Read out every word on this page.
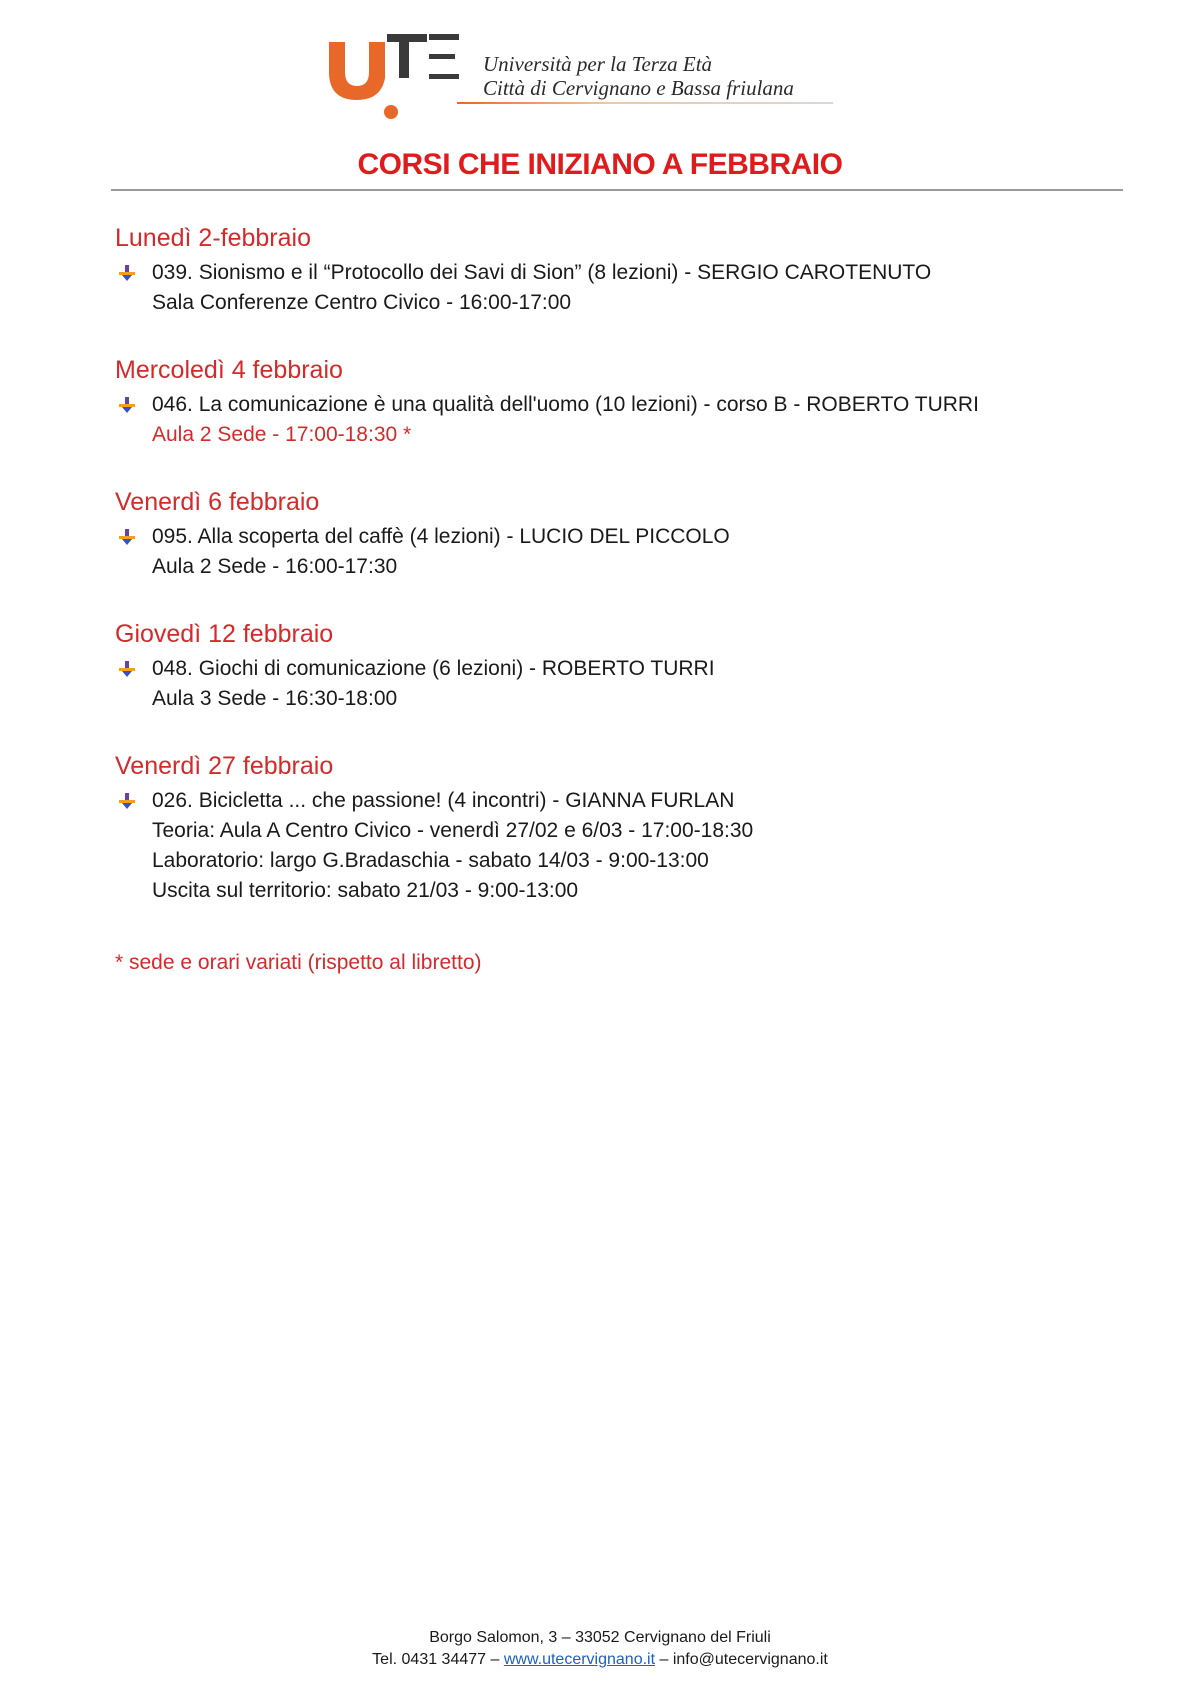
Università per la Terza Età
Città di Cervignano e Bassa friulana
CORSI CHE INIZIANO A FEBBRAIO
Lunedì 2-febbraio
039. Sionismo e il “Protocollo dei Savi di Sion” (8 lezioni) - SERGIO CAROTENUTO
Sala Conferenze Centro Civico - 16:00-17:00
Mercoledì 4 febbraio
046. La comunicazione è una qualità dell'uomo (10 lezioni) - corso B - ROBERTO TURRI
Aula 2 Sede - 17:00-18:30 *
Venerdì 6 febbraio
095. Alla scoperta del caffè (4 lezioni) - LUCIO DEL PICCOLO
Aula 2 Sede - 16:00-17:30
Giovedì 12 febbraio
048. Giochi di comunicazione (6 lezioni) - ROBERTO TURRI
Aula 3 Sede - 16:30-18:00
Venerdì 27 febbraio
026. Bicicletta ... che passione! (4 incontri) - GIANNA FURLAN
Teoria: Aula A Centro Civico - venerdì 27/02 e 6/03 - 17:00-18:30
Laboratorio: largo G.Bradaschia - sabato 14/03 - 9:00-13:00
Uscita sul territorio: sabato 21/03 - 9:00-13:00
* sede e orari variati (rispetto al libretto)
Borgo Salomon, 3 – 33052 Cervignano del Friuli
Tel. 0431 34477 – www.utecervignano.it – info@utecervignano.it
